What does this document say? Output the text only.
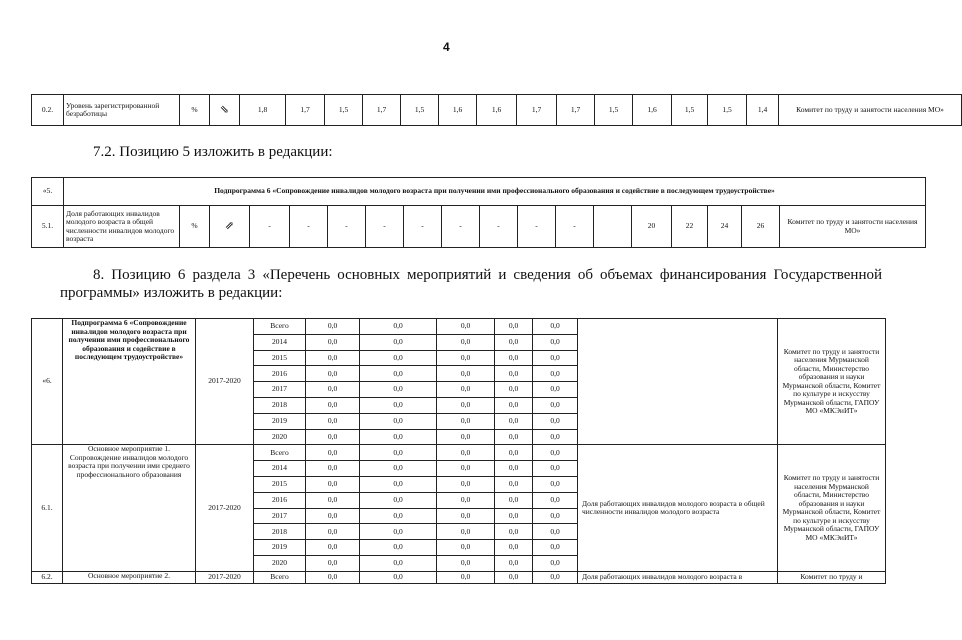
4
0.2.	Уровень зарегистрированной безработицы	%	⇘	1,8	1,7	1,5	1,7	1,5	1,6	1,6	1,7	1,7	1,5	1,6	1,5	1,5	1,4	Комитет по труду и занятости населения МО»
7.2. Позицию 5 изложить в редакции:
«5.	Подпрограмма 6 «Сопровождение инвалидов молодого возраста при получении ими профессионального образования и содействие в последующем трудоустройстве»																	
5.1.	Доля работающих инвалидов молодого возраста в общей численности инвалидов молодого возраста	%	⇗	-	-	-	-	-	-	-	-	-		20	22	24	26	Комитет по труду и занятости населения МО»
8. Позицию 6 раздела 3 «Перечень основных мероприятий и сведения об объемах финансирования Государственной программы» изложить в редакции:
«6.	Подпрограмма 6 «Сопровождение инвалидов молодого возраста при получении ими профессионального образования и содействие в последующем трудоустройстве»	2017-2020	Всего	0,0	0,0	0,0	0,0	0,0		Комитет по труду и занятости населения Мурманской области, Министерство образования и науки Мурманской области, Комитет по культуре и искусству Мурманской области, ГАПОУ МО «МКЭиИТ»
			2014	0,0	0,0	0,0	0,0	0,0		
			2015	0,0	0,0	0,0	0,0	0,0		
			2016	0,0	0,0	0,0	0,0	0,0		
			2017	0,0	0,0	0,0	0,0	0,0		
			2018	0,0	0,0	0,0	0,0	0,0		
			2019	0,0	0,0	0,0	0,0	0,0		
			2020	0,0	0,0	0,0	0,0	0,0		
6.1.	Основное мероприятие 1. Сопровождение инвалидов молодого возраста при получении ими среднего профессионального образования	2017-2020	Всего	0,0	0,0	0,0	0,0	0,0	Доля работающих инвалидов молодого возраста в общей численности инвалидов молодого возраста	Комитет по труду и занятости населения Мурманской области, Министерство образования и науки Мурманской области, Комитет по культуре и искусству Мурманской области, ГАПОУ МО «МКЭиИТ»
			2014	0,0	0,0	0,0	0,0	0,0		
			2015	0,0	0,0	0,0	0,0	0,0		
			2016	0,0	0,0	0,0	0,0	0,0		
			2017	0,0	0,0	0,0	0,0	0,0		
			2018	0,0	0,0	0,0	0,0	0,0		
			2019	0,0	0,0	0,0	0,0	0,0		
			2020	0,0	0,0	0,0	0,0	0,0		
6.2.	Основное мероприятие 2.	2017-2020	Всего	0,0	0,0	0,0	0,0	0,0	Доля работающих инвалидов молодого возраста в	Комитет по труду и
